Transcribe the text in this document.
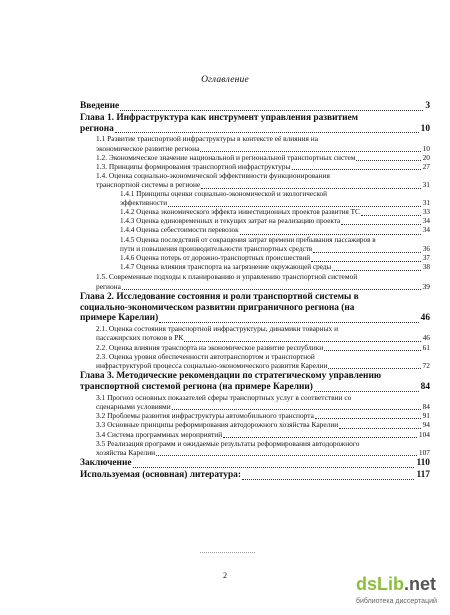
Оглавление
Введение	3
Глава 1. Инфраструктура как инструмент управления развитием
региона	10
1.1 Развитие транспортной инфраструктуры в контексте её влияния на
экономическое развитие региона	10
1.2. Экономическое значение национальной и региональной транспортных систем	20
1.3. Принципы формирования транспортной инфраструктуры	27
1.4. Оценка социально-экономической эффективности функционирования
транспортной системы в регионе	31
1.4.1 Принципы оценки социально-экономической и экологической
эффективности	31
1.4.2 Оценка экономического эффекта инвестиционных проектов развития ТС	33
1.4.3 Оценка единовременных и текущих затрат на реализацию проекта	34
1.4.4 Оценка себестоимости перевозок	34
1.4.5 Оценка последствий от сокращения затрат времени пребывания пассажиров в
пути и повышения производительности транспортных средств	36
1.4.6 Оценка потерь от дорожно-транспортных происшествий	37
1.4.7 Оценка влияния транспорта на загрязнение окружающей среды	38
1.5. Современные подходы к планированию и управлению транспортной системой
региона	39
Глава 2. Исследование состояния и роли транспортной системы в
социально-экономическом развитии приграничного региона (на
примере Карелии)	46
2.1. Оценка состояния транспортной инфраструктуры, динамики товарных и
пассажирских потоков в РК	46
2.2. Оценка влияния транспорта на экономическое развитие республики	61
2.3. Оценка уровня обеспеченности автотранспортом и транспортной
инфраструктурой процесса социально-экономического развития Карелии	72
Глава 3. Методические рекомендации по стратегическому управлению
транспортной системой региона (на примере Карелии)	84
3.1 Прогноз основных показателей сферы транспортных услуг в соответствии со
сценарными условиями	84
3.2 Проблемы развития инфраструктуры автомобильного транспорта	91
3.3 Основные принципы реформирования автодорожного хозяйства Карелии	94
3.4 Система программных мероприятий	104
3.5 Реализация программ и ожидаемые результаты реформирования автодорожного
хозяйства Карелии	107
Заключение	110
Используемая (основная) литература:	117
2	dsLib.net
библиотека диссертаций
